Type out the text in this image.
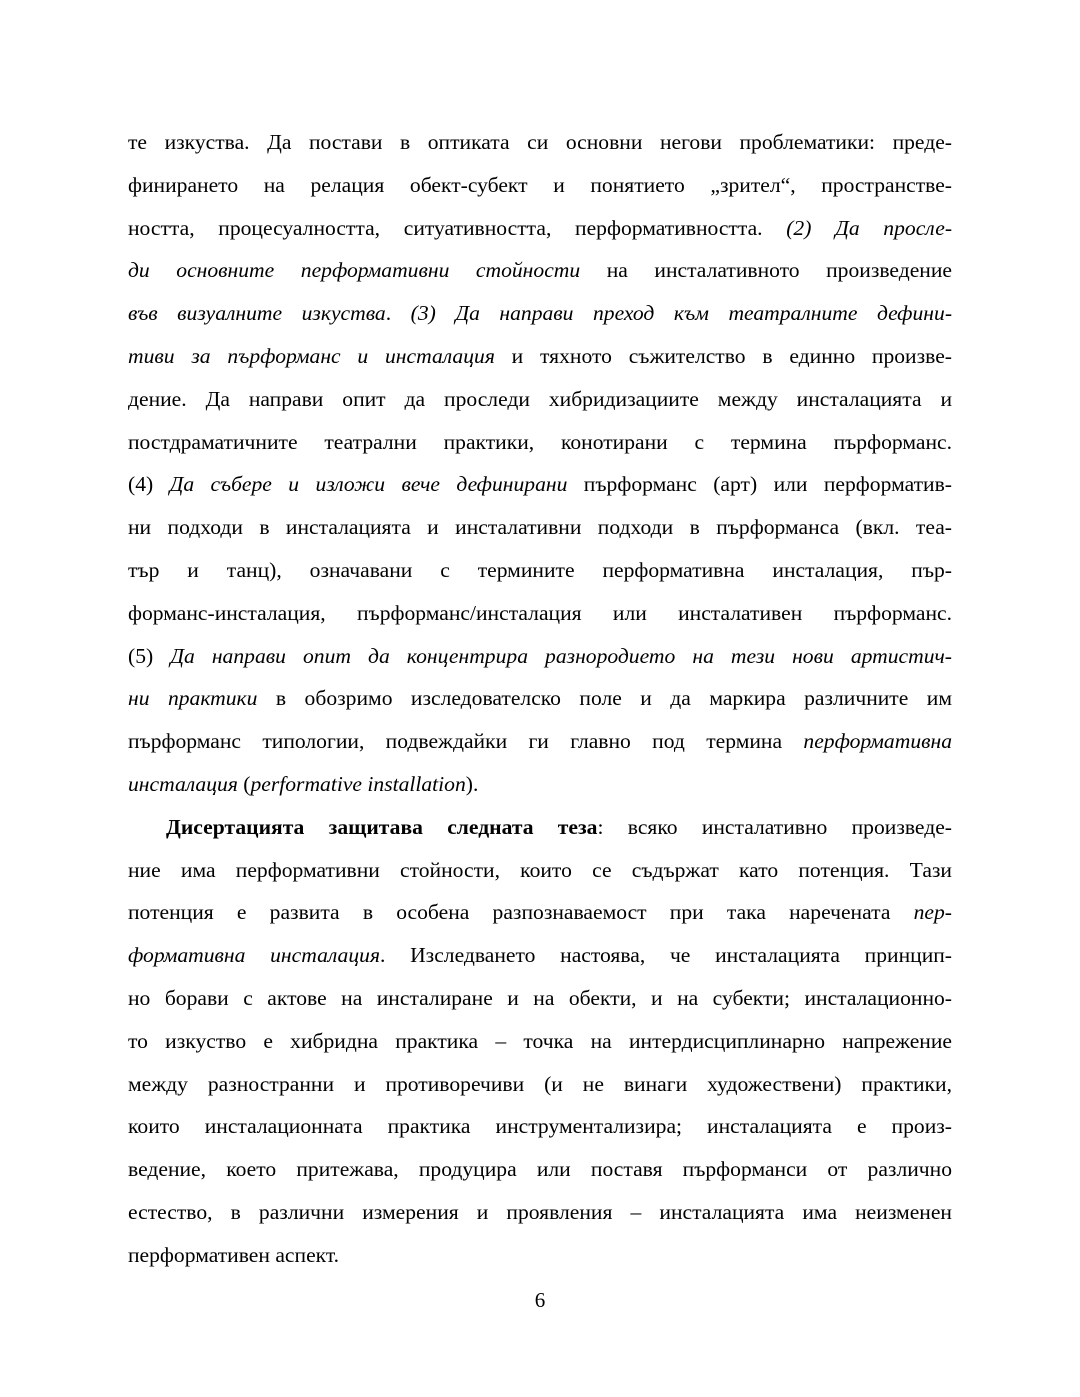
те изкуства. Да постави в оптиката си основни негови проблематики: преде-
финирането на релация обект-субект и понятието „зрител“, пространстве-
ността, процесуалността, ситуативността, перформативността. (2) Да просле-
ди основните перформативни стойности на инсталативното произведение
във визуалните изкуства. (3) Да направи преход към театралните дефини-
тиви за пърформанс и инсталация и тяхното съжителство в единно произве-
дение. Да направи опит да проследи хибридизациите между инсталацията и
постдраматичните театрални практики, конотирани с термина пърформанс.
(4) Да събере и изложи вече дефинирани пърформанс (арт) или перформатив-
ни подходи в инсталацията и инсталативни подходи в пърформанса (вкл. теа-
тър и танц), означавани с термините перформативна инсталация, пър-
форманс-инсталация, пърформанс/инсталация или инсталативен пърформанс.
(5) Да направи опит да концентрира разнородието на тези нови артистич-
ни практики в обозримо изследователско поле и да маркира различните им
пърформанс типологии, подвеждайки ги главно под термина перформативна
инсталация (performative installation).
Дисертацията защитава следната теза: всяко инсталативно произведе-
ние има перформативни стойности, които се съдържат като потенция. Тази
потенция е развита в особена разпознаваемост при така наречената пер-
формативна инсталация. Изследването настоява, че инсталацията принцип-
но борави с актове на инсталиране и на обекти, и на субекти; инсталационно-
то изкуство е хибридна практика – точка на интердисциплинарно напрежение
между разностранни и противоречиви (и не винаги художествени) практики,
които инсталационната практика инструментализира; инсталацията е произ-
ведение, което притежава, продуцира или поставя пърформанси от различно
естество, в различни измерения и проявления – инсталацията има неизменен
перформативен аспект.
6
